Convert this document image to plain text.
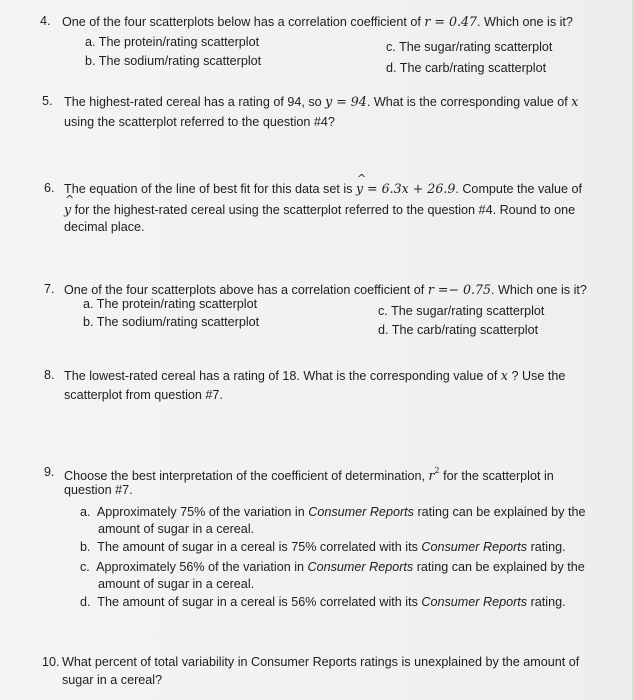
4. One of the four scatterplots below has a correlation coefficient of r = 0.47. Which one is it?
a. The protein/rating scatterplot
b. The sodium/rating scatterplot
c. The sugar/rating scatterplot
d. The carb/rating scatterplot
5. The highest-rated cereal has a rating of 94, so y = 94. What is the corresponding value of x
using the scatterplot referred to the question #4?
6. The equation of the line of best fit for this data set is ^ y = 6.3x + 26.9. Compute the value of
^ y for the highest-rated cereal using the scatterplot referred to the question #4. Round to one
decimal place.
7. One of the four scatterplots above has a correlation coefficient of r =− 0.75. Which one is it?
a. The protein/rating scatterplot
b. The sodium/rating scatterplot
c. The sugar/rating scatterplot
d. The carb/rating scatterplot
8. The lowest-rated cereal has a rating of 18. What is the corresponding value of x ? Use the
scatterplot from question #7.
9. Choose the best interpretation of the coefficient of determination, $r^2$ for the scatterplot in
question #7.
a. Approximately 75% of the variation in Consumer Reports rating can be explained by the
amount of sugar in a cereal.
b. The amount of sugar in a cereal is 75% correlated with its Consumer Reports rating.
c. Approximately 56% of the variation in Consumer Reports rating can be explained by the
amount of sugar in a cereal.
d. The amount of sugar in a cereal is 56% correlated with its Consumer Reports rating.
10. What percent of total variability in Consumer Reports ratings is unexplained by the amount of
sugar in a cereal?
